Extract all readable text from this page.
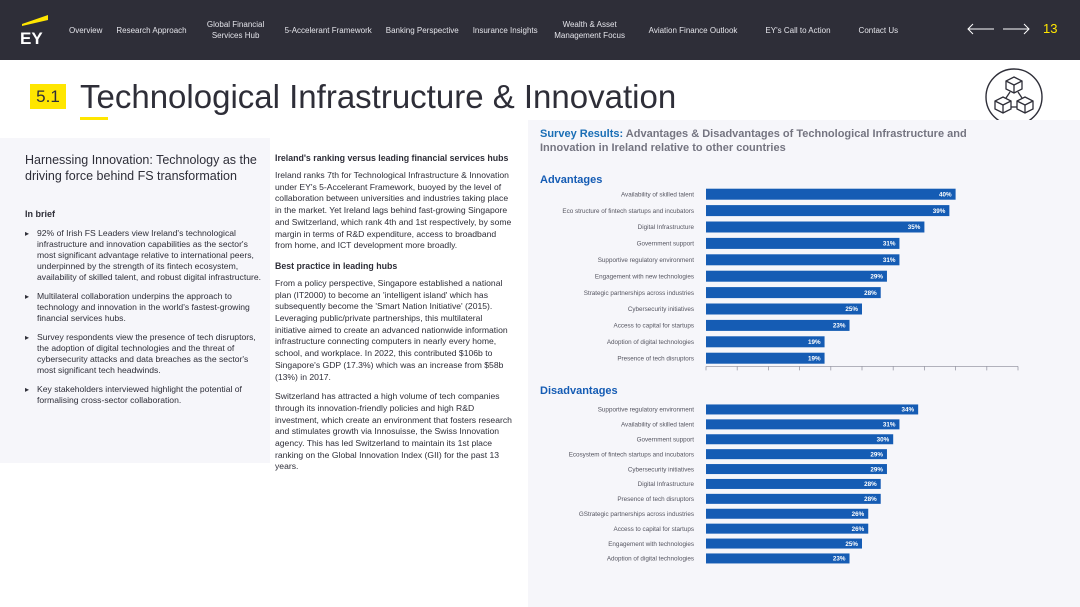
EY	Overview	Research Approach
Global Financial Services Hub
5-Accelerant Framework	Banking Perspective	Insurance Insights
Wealth & Asset Management Focus
Aviation Finance Outlook	EY's Call to Action	Contact Us	13
5.1 Technological Infrastructure & Innovation
Harnessing Innovation: Technology as the driving force behind FS transformation
In brief
▸ 92% of Irish FS Leaders view Ireland's technological infrastructure and innovation capabilities as the sector's most significant advantage relative to international peers, underpinned by the strength of its fintech ecosystem, availability of skilled talent, and robust digital infrastructure.
▸ Multilateral collaboration underpins the approach to technology and innovation in the world's fastest-growing financial services hubs.
▸ Survey respondents view the presence of tech disruptors, the adoption of digital technologies and the threat of cybersecurity attacks and data breaches as the sector's most significant tech headwinds.
▸ Key stakeholders interviewed highlight the potential of formalising cross-sector collaboration.
Ireland's ranking versus leading financial services hubs

Ireland ranks 7th for Technological Infrastructure & Innovation under EY's 5-Accelerant Framework, buoyed by the level of collaboration between universities and industries taking place in the market. Yet Ireland lags behind fast-growing Singapore and Switzerland, which rank 4th and 1st respectively, by some margin in terms of R&D expenditure, access to broadband from home, and ICT development more broadly.

Best practice in leading hubs

From a policy perspective, Singapore established a national plan (IT2000) to become an 'intelligent island' which has subsequently become the 'Smart Nation Initiative' (2015). Leveraging public/private partnerships, this multilateral initiative aimed to create an advanced nationwide information infrastructure connecting computers in nearly every home, school, and workplace. In 2022, this contributed $106b to Singapore's GDP (17.3%) which was an increase from $58b (13%) in 2017.

Switzerland has attracted a high volume of tech companies through its innovation-friendly policies and high R&D investment, which create an environment that fosters research and stimulates growth via Innosuisse, the Swiss Innovation agency. This has led Switzerland to maintain its 1st place ranking on the Global Innovation Index (GII) for the past 13 years.

Survey Results: Advantages & Disadvantages of Technological Infrastructure and Innovation in Ireland relative to other countries
Advantages
Availability of skilled talent	40%
Eco structure of fintech startups and incubators	39%
Digital Infrastructure	35%
Government support	31%
Supportive regulatory environment	31%
Engagement with new technologies	29%
Strategic partnerships across industries	28%
Cybersecurity initiatives	25%
Access to capital for startups	23%
Adoption of digital technologies	19%
Presence of tech disruptors	19%
Disadvantages
Supportive regulatory environment	34%
Availability of skilled talent	31%
Government support	30%
Ecosystem of fintech startups and incubators	29%
Cybersecurity initiatives	29%
Digital Infrastructure	28%
Presence of tech disruptors	28%
GStrategic partnerships across industries	26%
Access to capital for startups	26%
Engagement with technologies	25%
Adoption of digital technologies	23%
